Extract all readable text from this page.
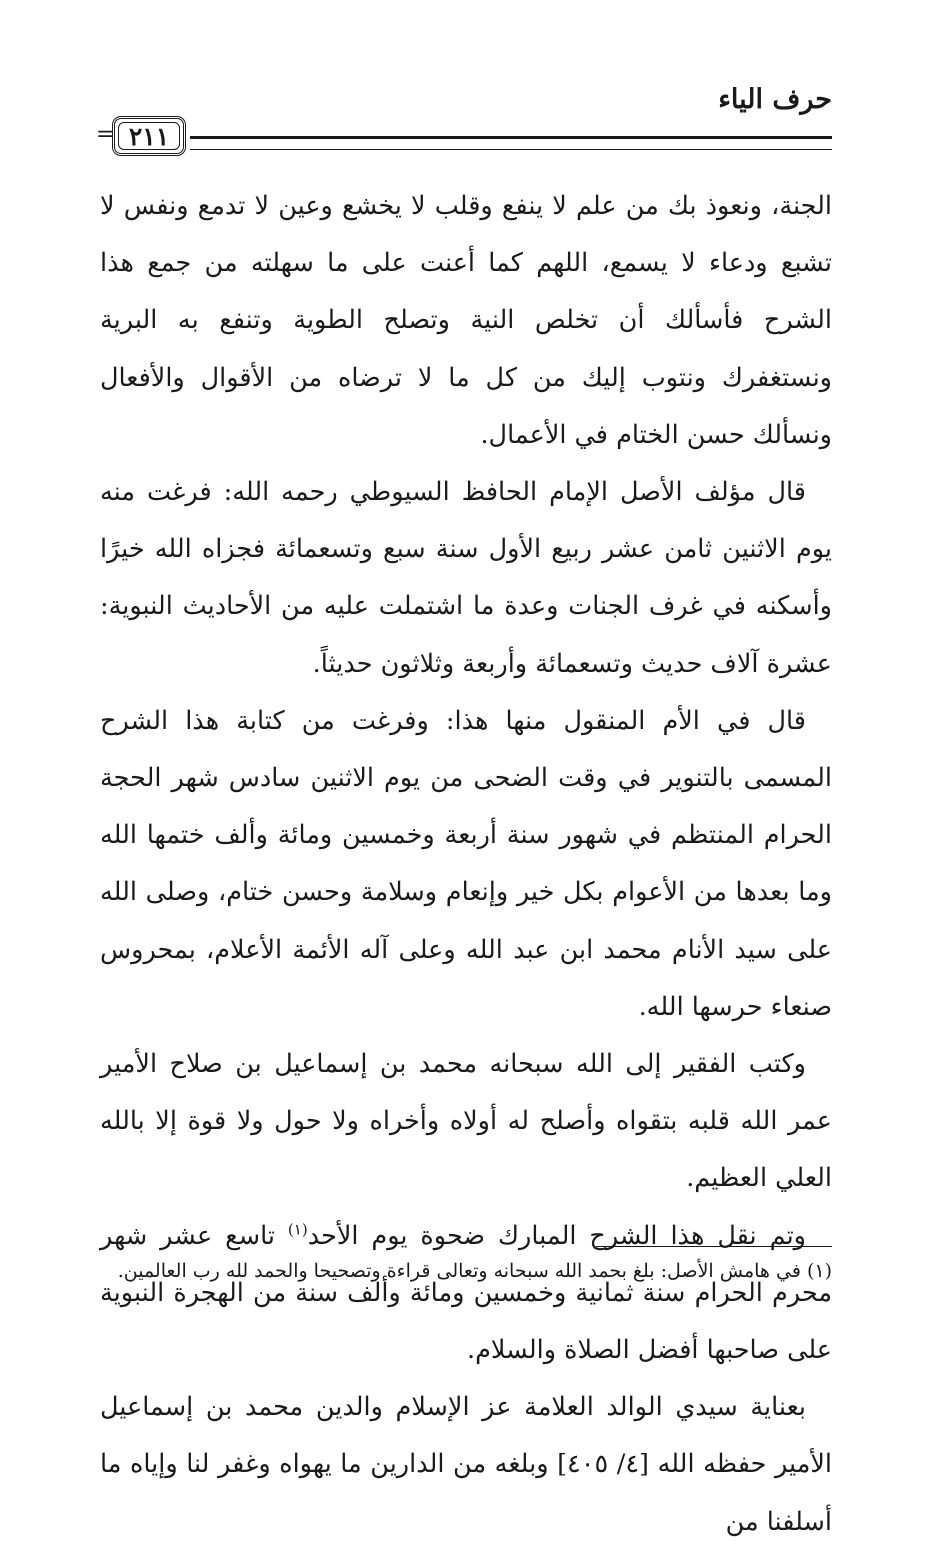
حرف الياء
٢١١
=

الجنة، ونعوذ بك من علم لا ينفع وقلب لا يخشع وعين لا تدمع ونفس لا تشبع ودعاء لا يسمع، اللهم كما أعنت على ما سهلته من جمع هذا الشرح فأسألك أن تخلص النية وتصلح الطوية وتنفع به البرية ونستغفرك ونتوب إليك من كل ما لا ترضاه من الأقوال والأفعال ونسألك حسن الختام في الأعمال.

قال مؤلف الأصل الإمام الحافظ السيوطي رحمه الله: فرغت منه يوم الاثنين ثامن عشر ربيع الأول سنة سبع وتسعمائة فجزاه الله خيرًا وأسكنه في غرف الجنات وعدة ما اشتملت عليه من الأحاديث النبوية: عشرة آلاف حديث وتسعمائة وأربعة وثلاثون حديثاً.

قال في الأم المنقول منها هذا: وفرغت من كتابة هذا الشرح المسمى بالتنوير في وقت الضحى من يوم الاثنين سادس شهر الحجة الحرام المنتظم في شهور سنة أربعة وخمسين ومائة وألف ختمها الله وما بعدها من الأعوام بكل خير وإنعام وسلامة وحسن ختام، وصلى الله على سيد الأنام محمد ابن عبد الله وعلى آله الأئمة الأعلام، بمحروس صنعاء حرسها الله.

وكتب الفقير إلى الله سبحانه محمد بن إسماعيل بن صلاح الأمير عمر الله قلبه بتقواه وأصلح له أولاه وأخراه ولا حول ولا قوة إلا بالله العلي العظيم.

وتم نقل هذا الشرح المبارك ضحوة يوم الأحد$^{(١)}$ تاسع عشر شهر محرم الحرام سنة ثمانية وخمسين ومائة وألف سنة من الهجرة النبوية على صاحبها أفضل الصلاة والسلام.

بعناية سيدي الوالد العلامة عز الإسلام والدين محمد بن إسماعيل الأمير حفظه الله [٤/ ٤٠٥] وبلغه من الدارين ما يهواه وغفر لنا وإياه ما أسلفنا من

(١) في هامش الأصل: بلغ بحمد الله سبحانه وتعالى قراءة وتصحيحا والحمد لله رب العالمين.
